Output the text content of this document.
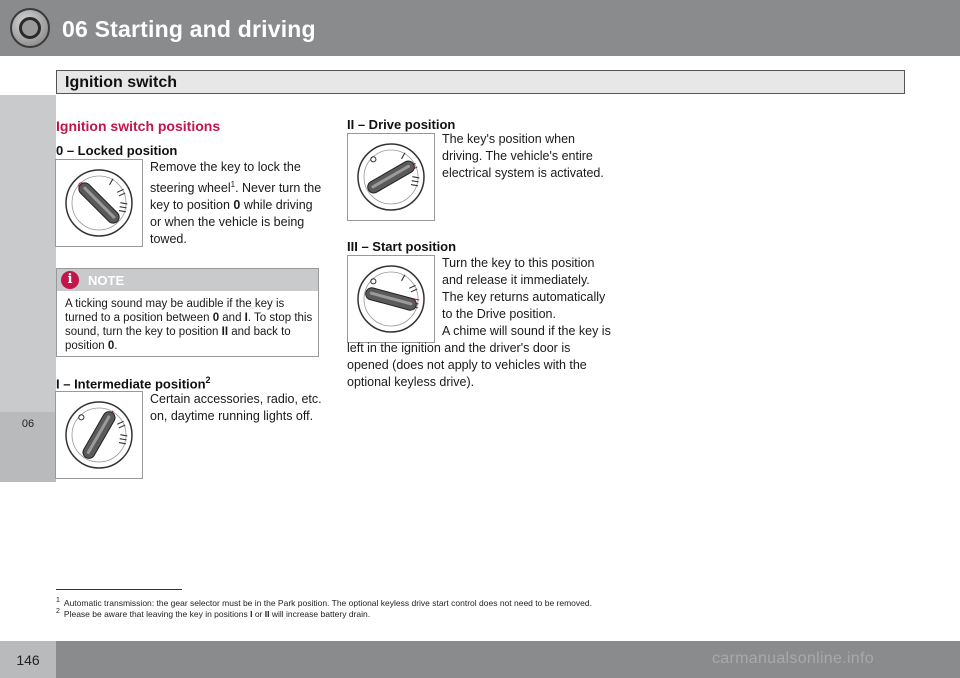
06 Starting and driving
06
Ignition switch
Ignition switch positions
0 – Locked position
Remove the key to lock the steering wheel$^1$. Never turn the key to position 0 while driving or when the vehicle is being towed.
i	NOTE
A ticking sound may be audible if the key is turned to a position between 0 and I. To stop this sound, turn the key to position II and back to position 0.
I – Intermediate position$^2$
Certain accessories, radio, etc. on, daytime running lights off.
II – Drive position
The key's position when driving. The vehicle's entire electrical system is activated.
III – Start position
Turn the key to this position and release it immediately. The key returns automatically to the Drive position.
A chime will sound if the key is left in the ignition and the driver's door is opened (does not apply to vehicles with the optional keyless drive).
$^1$ Automatic transmission: the gear selector must be in the Park position. The optional keyless drive start control does not need to be removed.
$^2$ Please be aware that leaving the key in positions I or II will increase battery drain.
146	carmanualsonline.info
